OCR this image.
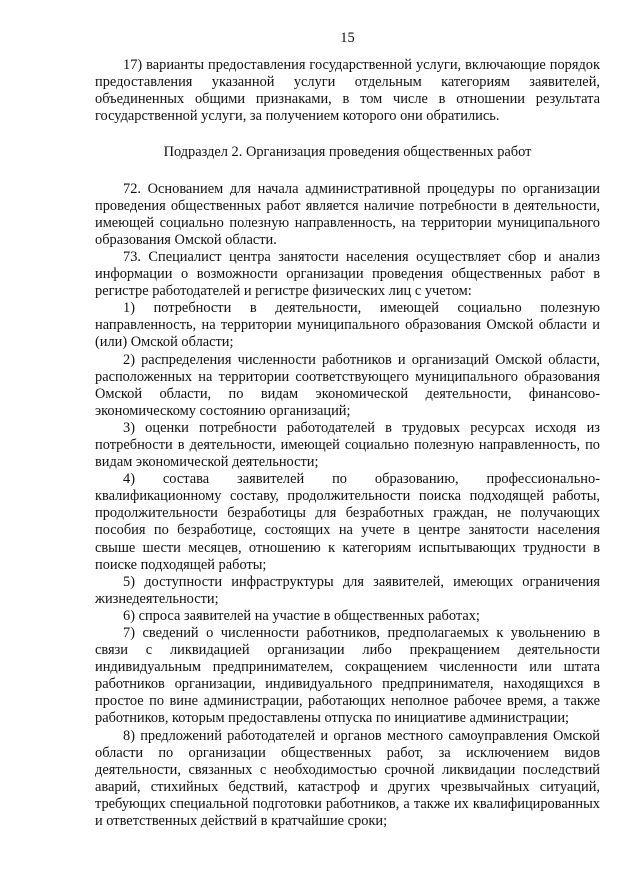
15

17) варианты предоставления государственной услуги, включающие порядок предоставления указанной услуги отдельным категориям заявителей, объединенных общими признаками, в том числе в отношении результата государственной услуги, за получением которого они обратились.

Подраздел 2. Организация проведения общественных работ

72. Основанием для начала административной процедуры по организации проведения общественных работ является наличие потребности в деятельности, имеющей социально полезную направленность, на территории муниципального образования Омской области.

73. Специалист центра занятости населения осуществляет сбор и анализ информации о возможности организации проведения общественных работ в регистре работодателей и регистре физических лиц с учетом:

1) потребности в деятельности, имеющей социально полезную направленность, на территории муниципального образования Омской области и (или) Омской области;

2) распределения численности работников и организаций Омской области, расположенных на территории соответствующего муниципального образования Омской области, по видам экономической деятельности, финансово-экономическому состоянию организаций;

3) оценки потребности работодателей в трудовых ресурсах исходя из потребности в деятельности, имеющей социально полезную направленность, по видам экономической деятельности;

4) состава заявителей по образованию, профессионально-квалификационному составу, продолжительности поиска подходящей работы, продолжительности безработицы для безработных граждан, не получающих пособия по безработице, состоящих на учете в центре занятости населения свыше шести месяцев, отношению к категориям испытывающих трудности в поиске подходящей работы;

5) доступности инфраструктуры для заявителей, имеющих ограничения жизнедеятельности;

6) спроса заявителей на участие в общественных работах;

7) сведений о численности работников, предполагаемых к увольнению в связи с ликвидацией организации либо прекращением деятельности индивидуальным предпринимателем, сокращением численности или штата работников организации, индивидуального предпринимателя, находящихся в простое по вине администрации, работающих неполное рабочее время, а также работников, которым предоставлены отпуска по инициативе администрации;

8) предложений работодателей и органов местного самоуправления Омской области по организации общественных работ, за исключением видов деятельности, связанных с необходимостью срочной ликвидации последствий аварий, стихийных бедствий, катастроф и других чрезвычайных ситуаций, требующих специальной подготовки работников, а также их квалифицированных и ответственных действий в кратчайшие сроки;
